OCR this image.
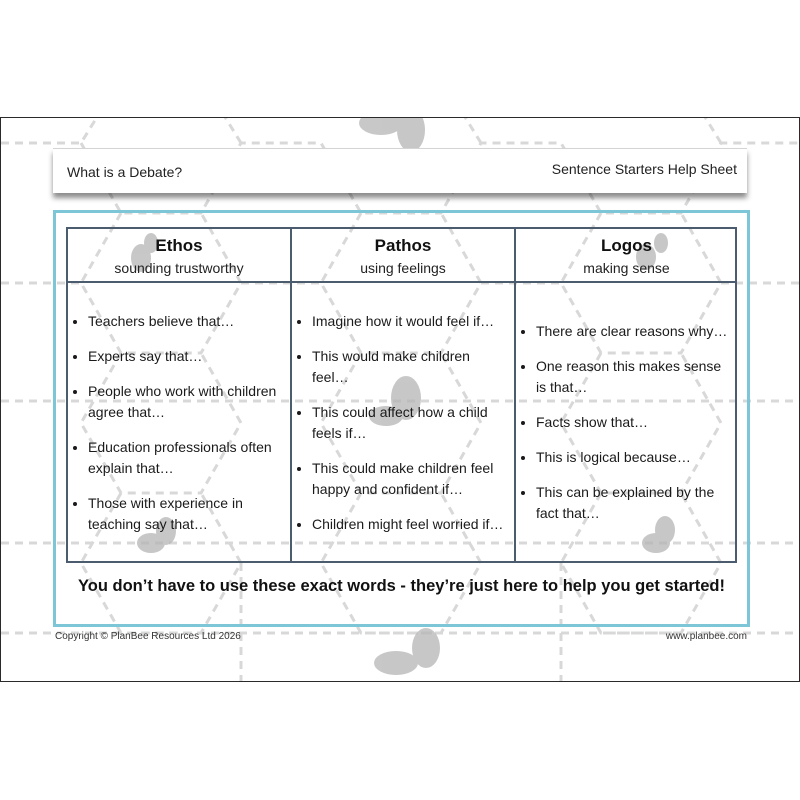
What is a Debate?	Sentence Starters Help Sheet
Ethos
sounding trustworthy
• Teachers believe that…
• Experts say that…
• People who work with children agree that…
• Education professionals often explain that…
• Those with experience in teaching say that…
Pathos
using feelings
• Imagine how it would feel if…
• This would make children feel…
• This could affect how a child feels if…
• This could make children feel happy and confident if…
• Children might feel worried if…
Logos
making sense
• There are clear reasons why…
• One reason this makes sense is that…
• Facts show that…
• This is logical because…
• This can be explained by the fact that…
You don’t have to use these exact words - they’re just here to help you get started!
Copyright © PlanBee Resources Ltd 2026	www.planbee.com
